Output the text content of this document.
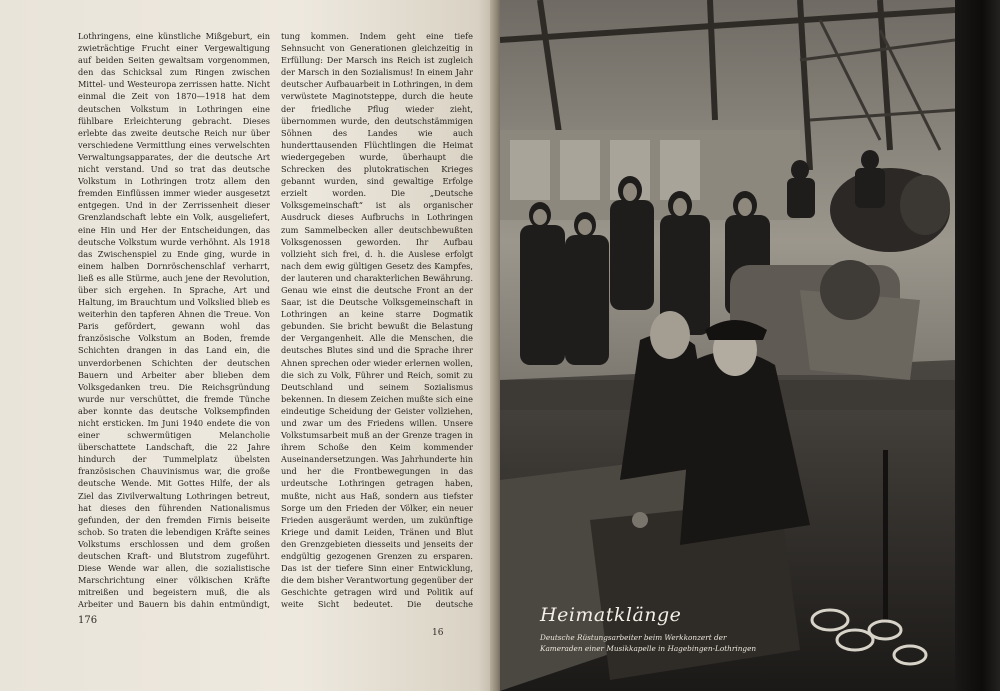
Lothringens, eine künstliche Mißgeburt, ein zwieträchtige Frucht einer Vergewaltigung auf beiden Seiten gewaltsam vorgenommen, den das Schicksal zum Ringen zwischen Mittel- und Westeuropa zerrissen hatte. Nicht einmal die Zeit von 1870—1918 hat dem deutschen Volkstum in Lothringen eine fühlbare Erleichterung gebracht. Dieses erlebte das zweite deutsche Reich nur über verschiedene Vermittlung eines verwelschten Verwaltungsapparates, der die deutsche Art nicht verstand. Und so trat das deutsche Volkstum in Lothringen trotz allem den fremden Einflüssen immer wieder ausgesetzt entgegen. Und in der Zerrissenheit dieser Grenzlandschaft lebte ein Volk, ausgeliefert, eine Hin und Her der Entscheidungen, das deutsche Volkstum wurde verhöhnt. Als 1918 das Zwischenspiel zu Ende ging, wurde in einem halben Dornröschenschlaf verharrt, ließ es alle Stürme, auch jene der Revolution, über sich ergehen. In Sprache, Art und Haltung, im Brauchtum und Volkslied blieb es weiterhin den tapferen Ahnen die Treue. Von Paris gefördert, gewann wohl das französische Volkstum an Boden, fremde Schichten drangen in das Land ein, die unverdorbenen Schichten der deutschen Bauern und Arbeiter aber blieben dem Volksgedanken treu. Die Reichsgründung wurde nur verschüttet, die fremde Tünche aber konnte das deutsche Volksempfinden nicht ersticken. Im Juni 1940 endete die von einer schwermütigen Melancholie überschattete Landschaft, die 22 Jahre hindurch der Tummelplatz übelsten französischen Chauvinismus war, die große deutsche Wende. Mit Gottes Hilfe, der als Ziel das Zivilverwaltung Lothringen betreut, hat dieses den führenden Nationalismus gefunden, der den fremden Firnis beiseite schob. So traten die lebendigen Kräfte seines Volkstums erschlossen und dem großen deutschen Kraft- und Blutstrom zugeführt. Diese Wende war allen, die sozialistische Marschrichtung einer völkischen Kräfte mitreißen und begeistern muß, die als Arbeiter und Bauern bis dahin entmündigt,

tung kommen. Indem geht eine tiefe Sehnsucht von Generationen gleichzeitig in Erfüllung: Der Marsch ins Reich ist zugleich der Marsch in den Sozialismus! In einem Jahr deutscher Aufbauarbeit in Lothringen, in dem verwüstete Maginotsteppe, durch die heute der friedliche Pflug wieder zieht, übernommen wurde, den deutschstämmigen Söhnen des Landes wie auch hunderttausenden Flüchtlingen die Heimat wiedergegeben wurde, überhaupt die Schrecken des plutokratischen Krieges gebannt wurden, sind gewaltige Erfolge erzielt worden. Die „Deutsche Volksgemeinschaft“ ist als organischer Ausdruck dieses Aufbruchs in Lothringen zum Sammelbecken aller deutschbewußten Volksgenossen geworden. Ihr Aufbau vollzieht sich frei, d. h. die Auslese erfolgt nach dem ewig gültigen Gesetz des Kampfes, der lauteren und charakterlichen Bewährung. Genau wie einst die deutsche Front an der Saar, ist die Deutsche Volksgemeinschaft in Lothringen an keine starre Dogmatik gebunden. Sie bricht bewußt die Belastung der Vergangenheit. Alle die Menschen, die deutsches Blutes sind und die Sprache ihrer Ahnen sprechen oder wieder erlernen wollen, die sich zu Volk, Führer und Reich, somit zu Deutschland und seinem Sozialismus bekennen. In diesem Zeichen mußte sich eine eindeutige Scheidung der Geister vollziehen, und zwar um des Friedens willen. Unsere Volkstumsarbeit muß an der Grenze tragen in ihrem Schoße den Keim kommender Auseinandersetzungen. Was Jahrhunderte hin und her die Frontbewegungen in das urdeutsche Lothringen getragen haben, mußte, nicht aus Haß, sondern aus tiefster Sorge um den Frieden der Völker, ein neuer Frieden ausgeräumt werden, um zukünftige Kriege und damit Leiden, Tränen und Blut den Grenzgebieten diesseits und jenseits der endgültig gezogenen Grenzen zu ersparen. Das ist der tiefere Sinn einer Entwicklung, die dem bisher Verantwortung gegenüber der Geschichte getragen wird und Politik auf weite Sicht bedeutet. Die deutsche

176
16
Heimatklänge
Deutsche Rüstungsarbeiter beim Werkkonzert der Kameraden einer Musikkapelle in Hagebingen-Lothringen
